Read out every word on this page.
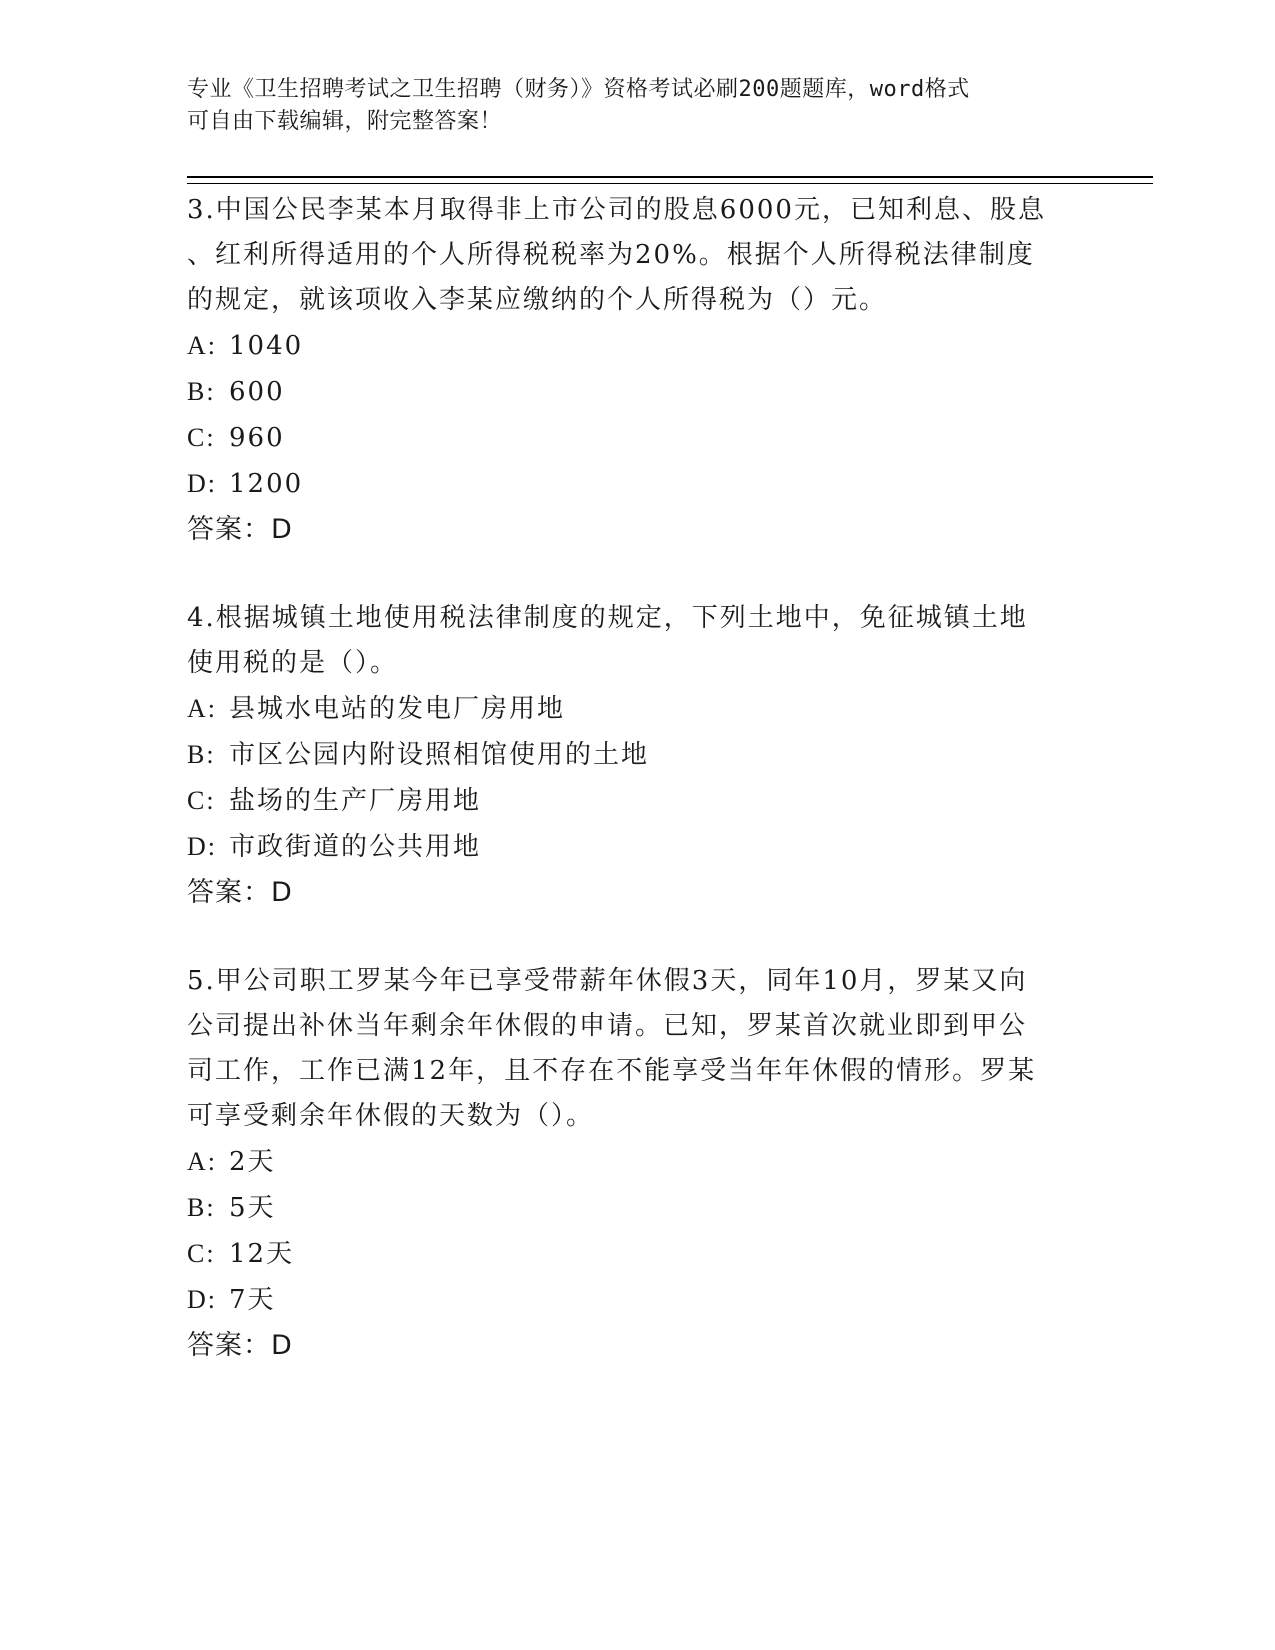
专业《卫生招聘考试之卫生招聘（财务）》资格考试必刷200题题库，word格式
可自由下载编辑，附完整答案！
3.中国公民李某本月取得非上市公司的股息6000元，已知利息、股息
、红利所得适用的个人所得税税率为20%。根据个人所得税法律制度
的规定，就该项收入李某应缴纳的个人所得税为（）元。
A: 1040
B: 600
C: 960
D: 1200
答案：D
4.根据城镇土地使用税法律制度的规定，下列土地中，免征城镇土地
使用税的是（）。
A: 县城水电站的发电厂房用地
B: 市区公园内附设照相馆使用的土地
C: 盐场的生产厂房用地
D: 市政街道的公共用地
答案：D
5.甲公司职工罗某今年已享受带薪年休假3天，同年10月，罗某又向
公司提出补休当年剩余年休假的申请。已知，罗某首次就业即到甲公
司工作，工作已满12年，且不存在不能享受当年年休假的情形。罗某
可享受剩余年休假的天数为（）。
A: 2天
B: 5天
C: 12天
D: 7天
答案：D
